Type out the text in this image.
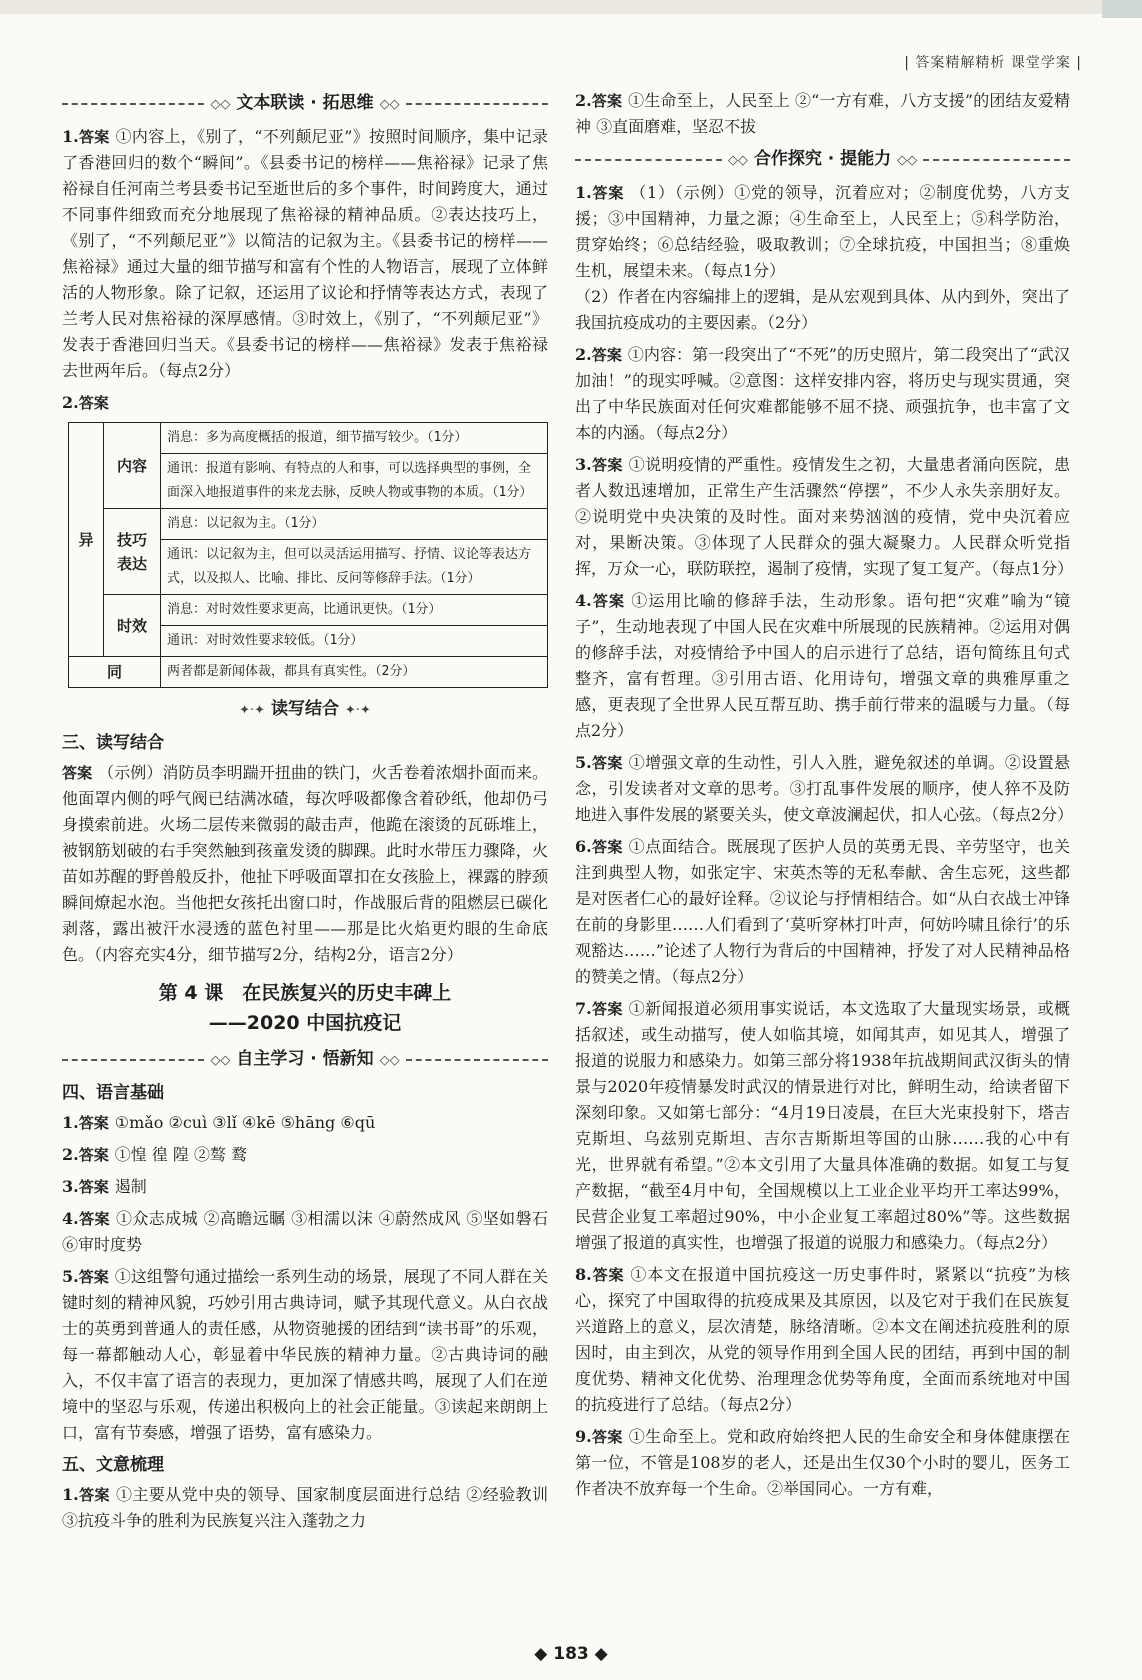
| 答案精解精析 课堂学案 |
◇◇ 文本联读 · 拓思维 ◇◇
1.答案 ①内容上，《别了，“不列颠尼亚”》按照时间顺序，集中记录了香港回归的数个“瞬间”。《县委书记的榜样——焦裕禄》记录了焦裕禄自任河南兰考县委书记至逝世后的多个事件，时间跨度大，通过不同事件细致而充分地展现了焦裕禄的精神品质。②表达技巧上，《别了，“不列颠尼亚”》以简洁的记叙为主。《县委书记的榜样——焦裕禄》通过大量的细节描写和富有个性的人物语言，展现了立体鲜活的人物形象。除了记叙，还运用了议论和抒情等表达方式，表现了兰考人民对焦裕禄的深厚感情。③时效上，《别了，“不列颠尼亚”》发表于香港回归当天。《县委书记的榜样——焦裕禄》发表于焦裕禄去世两年后。（每点2分）
2.答案
异	内容	消息：多为高度概括的报道，细节描写较少。（1分）
		通讯：报道有影响、有特点的人和事，可以选择典型的事例，全面深入地报道事件的来龙去脉，反映人物或事物的本质。（1分）
	技巧表达	消息：以记叙为主。（1分）
		通讯：以记叙为主，但可以灵活运用描写、抒情、议论等表达方式，以及拟人、比喻、排比、反问等修辞手法。（1分）
	时效	消息：对时效性要求更高，比通讯更快。（1分）
		通讯：对时效性要求较低。（1分）
同		两者都是新闻体裁，都具有真实性。（2分）
✦·✦ 读写结合 ✦·✦
三、读写结合
答案 （示例）消防员李明踹开扭曲的铁门，火舌卷着浓烟扑面而来。他面罩内侧的呼气阀已结满冰碴，每次呼吸都像含着砂纸，他却仍弓身摸索前进。火场二层传来微弱的敲击声，他跪在滚烫的瓦砾堆上，被钢筋划破的右手突然触到孩童发烫的脚踝。此时水带压力骤降，火苗如苏醒的野兽般反扑，他扯下呼吸面罩扣在女孩脸上，裸露的脖颈瞬间燎起水泡。当他把女孩托出窗口时，作战服后背的阻燃层已碳化剥落，露出被汗水浸透的蓝色衬里——那是比火焰更灼眼的生命底色。（内容充实4分，细节描写2分，结构2分，语言2分）
第 4 课　在民族复兴的历史丰碑上
——2020 中国抗疫记
◇◇ 自主学习 · 悟新知 ◇◇
四、语言基础
1.答案 ①mǎo ②cuì ③lǐ ④kē ⑤hāng ⑥qū
2.答案 ①惶 徨 隍 ②骜 鹜
3.答案 遏制
4.答案 ①众志成城 ②高瞻远瞩 ③相濡以沫 ④蔚然成风 ⑤坚如磐石 ⑥审时度势
5.答案 ①这组警句通过描绘一系列生动的场景，展现了不同人群在关键时刻的精神风貌，巧妙引用古典诗词，赋予其现代意义。从白衣战士的英勇到普通人的责任感，从物资驰援的团结到“读书哥”的乐观，每一幕都触动人心，彰显着中华民族的精神力量。②古典诗词的融入，不仅丰富了语言的表现力，更加深了情感共鸣，展现了人们在逆境中的坚忍与乐观，传递出积极向上的社会正能量。③读起来朗朗上口，富有节奏感，增强了语势，富有感染力。
五、文意梳理
1.答案 ①主要从党中央的领导、国家制度层面进行总结 ②经验教训 ③抗疫斗争的胜利为民族复兴注入蓬勃之力
2.答案 ①生命至上，人民至上 ②“一方有难，八方支援”的团结友爱精神 ③直面磨难，坚忍不拔
◇◇ 合作探究 · 提能力 ◇◇
1.答案 （1）（示例）①党的领导，沉着应对；②制度优势，八方支援；③中国精神，力量之源；④生命至上，人民至上；⑤科学防治，贯穿始终；⑥总结经验，吸取教训；⑦全球抗疫，中国担当；⑧重焕生机，展望未来。（每点1分）
（2）作者在内容编排上的逻辑，是从宏观到具体、从内到外，突出了我国抗疫成功的主要因素。（2分）
2.答案 ①内容：第一段突出了“不死”的历史照片，第二段突出了“武汉加油！”的现实呼喊。②意图：这样安排内容，将历史与现实贯通，突出了中华民族面对任何灾难都能够不屈不挠、顽强抗争，也丰富了文本的内涵。（每点2分）
3.答案 ①说明疫情的严重性。疫情发生之初，大量患者涌向医院，患者人数迅速增加，正常生产生活骤然“停摆”，不少人永失亲朋好友。②说明党中央决策的及时性。面对来势汹汹的疫情，党中央沉着应对，果断决策。③体现了人民群众的强大凝聚力。人民群众听党指挥，万众一心，联防联控，遏制了疫情，实现了复工复产。（每点1分）
4.答案 ①运用比喻的修辞手法，生动形象。语句把“灾难”喻为“镜子”，生动地表现了中国人民在灾难中所展现的民族精神。②运用对偶的修辞手法，对疫情给予中国人的启示进行了总结，语句简练且句式整齐，富有哲理。③引用古语、化用诗句，增强文章的典雅厚重之感，更表现了全世界人民互帮互助、携手前行带来的温暖与力量。（每点2分）
5.答案 ①增强文章的生动性，引人入胜，避免叙述的单调。②设置悬念，引发读者对文章的思考。③打乱事件发展的顺序，使人猝不及防地进入事件发展的紧要关头，使文章波澜起伏，扣人心弦。（每点2分）
6.答案 ①点面结合。既展现了医护人员的英勇无畏、辛劳坚守，也关注到典型人物，如张定宇、宋英杰等的无私奉献、舍生忘死，这些都是对医者仁心的最好诠释。②议论与抒情相结合。如“从白衣战士冲锋在前的身影里……人们看到了‘莫听穿林打叶声，何妨吟啸且徐行’的乐观豁达……”论述了人物行为背后的中国精神，抒发了对人民精神品格的赞美之情。（每点2分）
7.答案 ①新闻报道必须用事实说话，本文选取了大量现实场景，或概括叙述，或生动描写，使人如临其境，如闻其声，如见其人，增强了报道的说服力和感染力。如第三部分将1938年抗战期间武汉街头的情景与2020年疫情暴发时武汉的情景进行对比，鲜明生动，给读者留下深刻印象。又如第七部分：“4月19日凌晨，在巨大光束投射下，塔吉克斯坦、乌兹别克斯坦、吉尔吉斯斯坦等国的山脉……我的心中有光，世界就有希望。”②本文引用了大量具体准确的数据。如复工与复产数据，“截至4月中旬，全国规模以上工业企业平均开工率达99%，民营企业复工率超过90%，中小企业复工率超过80%”等。这些数据增强了报道的真实性，也增强了报道的说服力和感染力。（每点2分）
8.答案 ①本文在报道中国抗疫这一历史事件时，紧紧以“抗疫”为核心，探究了中国取得的抗疫成果及其原因，以及它对于我们在民族复兴道路上的意义，层次清楚，脉络清晰。②本文在阐述抗疫胜利的原因时，由主到次，从党的领导作用到全国人民的团结，再到中国的制度优势、精神文化优势、治理理念优势等角度，全面而系统地对中国的抗疫进行了总结。（每点2分）
9.答案 ①生命至上。党和政府始终把人民的生命安全和身体健康摆在第一位，不管是108岁的老人，还是出生仅30个小时的婴儿，医务工作者决不放弃每一个生命。②举国同心。一方有难，
◆ 183 ◆
